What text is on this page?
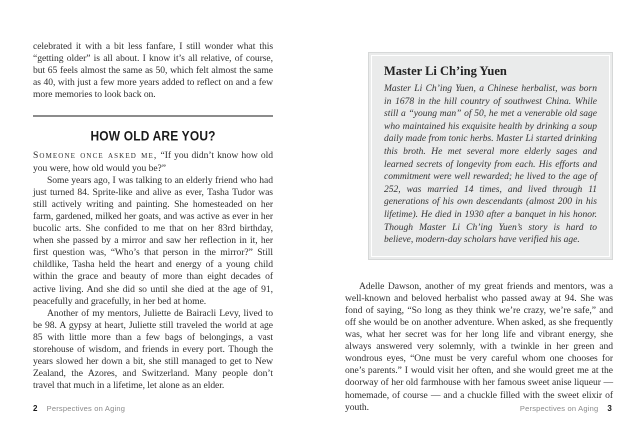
celebrated it with a bit less fanfare, I still wonder what this “getting older” is all about. I know it’s all relative, of course, but 65 feels almost the same as 50, which felt almost the same as 40, with just a few more years added to reflect on and a few more memories to look back on.

HOW OLD ARE YOU?

Someone once asked me, “If you didn’t know how old you were, how old would you be?”

Some years ago, I was talking to an elderly friend who had just turned 84. Sprite-like and alive as ever, Tasha Tudor was still actively writing and painting. She homesteaded on her farm, gardened, milked her goats, and was active as ever in her bucolic arts. She confided to me that on her 83rd birthday, when she passed by a mirror and saw her reflection in it, her first question was, “Who’s that person in the mirror?” Still childlike, Tasha held the heart and energy of a young child within the grace and beauty of more than eight decades of active living. And she did so until she died at the age of 91, peacefully and gracefully, in her bed at home.

Another of my mentors, Juliette de Bairacli Levy, lived to be 98. A gypsy at heart, Juliette still traveled the world at age 85 with little more than a few bags of belongings, a vast storehouse of wisdom, and friends in every port. Though the years slowed her down a bit, she still managed to get to New Zealand, the Azores, and Switzerland. Many people don’t travel that much in a lifetime, let alone as an elder.

Master Li Ch’ing Yuen

Master Li Ch’ing Yuen, a Chinese herbalist, was born in 1678 in the hill country of southwest China. While still a “young man” of 50, he met a venerable old sage who maintained his exquisite health by drinking a soup daily made from tonic herbs. Master Li started drinking this broth. He met several more elderly sages and learned secrets of longevity from each. His efforts and commitment were well rewarded; he lived to the age of 252, was married 14 times, and lived through 11 generations of his own descendants (almost 200 in his lifetime). He died in 1930 after a banquet in his honor. Though Master Li Ch’ing Yuen’s story is hard to believe, modern-day scholars have verified his age.

Adelle Dawson, another of my great friends and mentors, was a well-known and beloved herbalist who passed away at 94. She was fond of saying, “So long as they think we’re crazy, we’re safe,” and off she would be on another adventure. When asked, as she frequently was, what her secret was for her long life and vibrant energy, she always answered very solemnly, with a twinkle in her green and wondrous eyes, “One must be very careful whom one chooses for one’s parents.” I would visit her often, and she would greet me at the doorway of her old farmhouse with her famous sweet anise liqueur — homemade, of course — and a chuckle filled with the sweet elixir of youth.

2 Perspectives on Aging	Perspectives on Aging 3
